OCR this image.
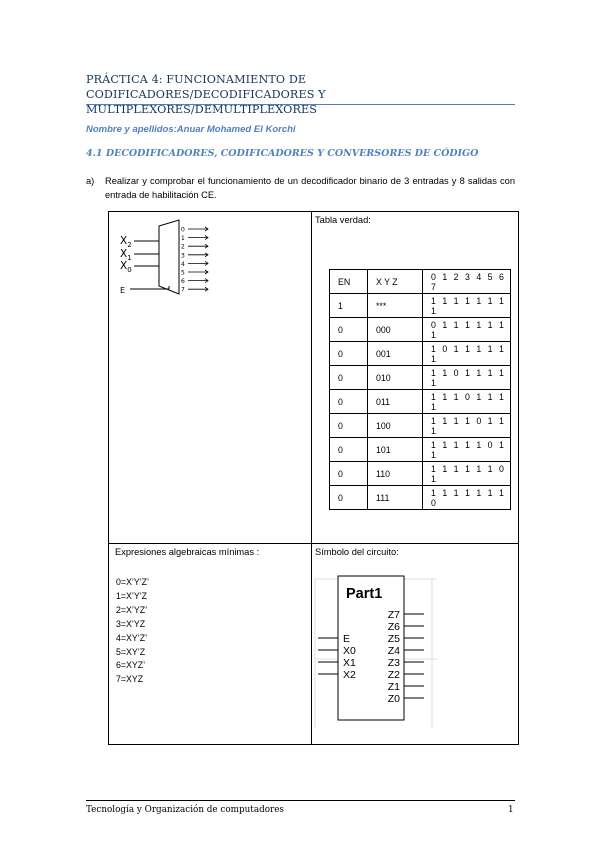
PRÁCTICA 4: FUNCIONAMIENTO DE CODIFICADORES/DECODIFICADORES Y
MULTIPLEXORES/DEMULTIPLEXORES
Nombre y apellidos:Anuar Mohamed El Korchi
4.1 DECODIFICADORES, CODIFICADORES Y CONVERSORES DE CÓDIGO
a) Realizar y comprobar el funcionamiento de un decodificador binario de 3 entradas y 8 salidas con entrada de habilitación CE.
$X_2$
$X_1$
$X_0$
E
0
1
2
3
4
5
6
7
Tabla verdad:
EN	X Y Z	0 1 2 3 4 5 6 7
1	***	1 1 1 1 1 1 1 1
0	000	0 1 1 1 1 1 1 1
0	001	1 0 1 1 1 1 1 1
0	010	1 1 0 1 1 1 1 1
0	011	1 1 1 0 1 1 1 1
0	100	1 1 1 1 0 1 1 1
0	101	1 1 1 1 1 0 1 1
0	110	1 1 1 1 1 1 0 1
0	111	1 1 1 1 1 1 1 0
Expresiones algebraicas mínimas :
0=X’Y’Z’
1=X’Y’Z
2=X’YZ’
3=X’YZ
4=XY’Z’
5=XY’Z
6=XYZ’
7=XYZ
Símbolo del circuito:
Part1
E
X0
X1
X2
Z7
Z6
Z5
Z4
Z3
Z2
Z1
Z0
Tecnología y Organización de computadores	1
